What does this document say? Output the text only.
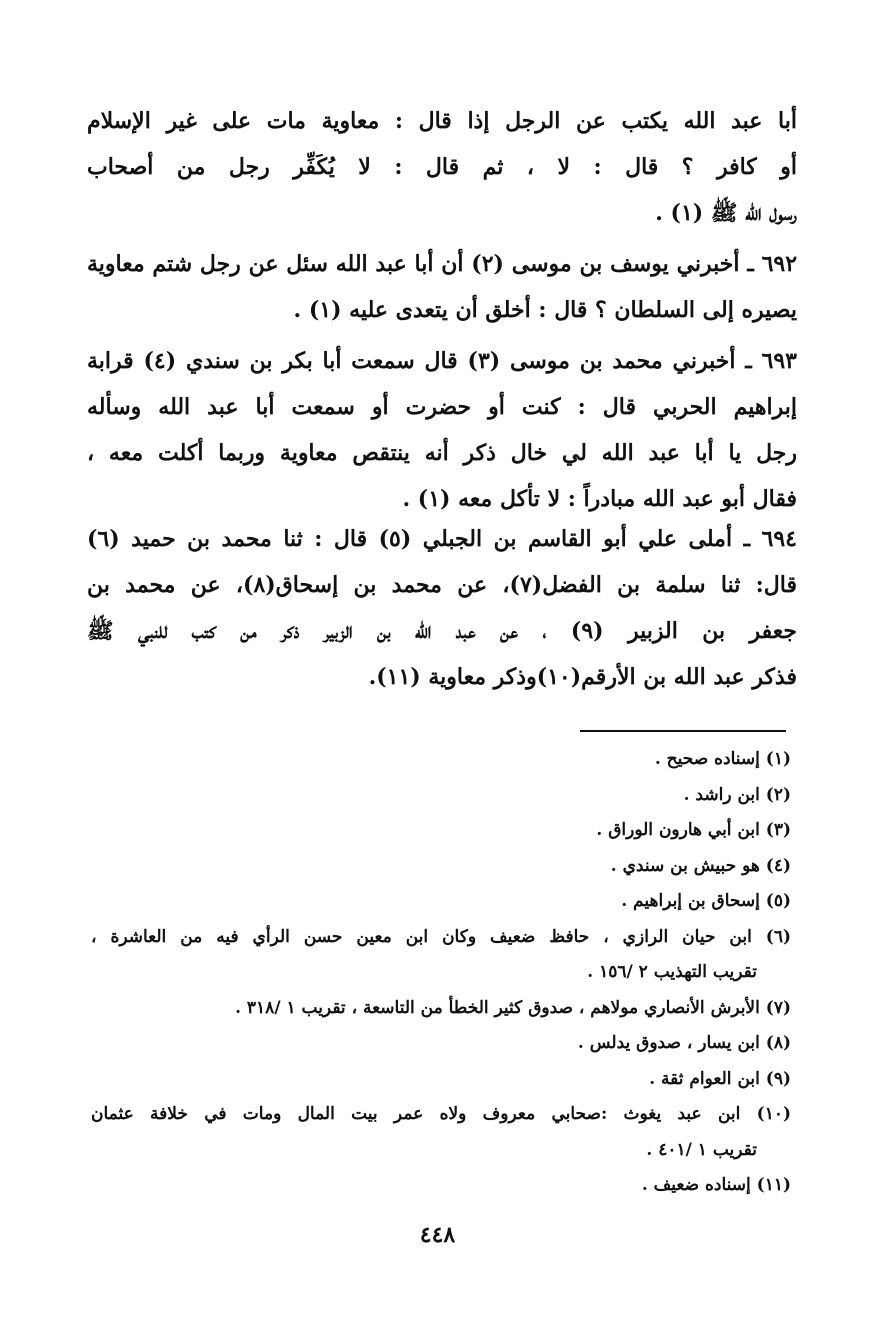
أبا عبد الله يكتب عن الرجل إذا قال : معاوية مات على غير الإسلام
أو كافر ؟ قال : لا ، ثم قال : لا يُكَفِّر رجل من أصحاب
رسول الله ﷺ (١) .
٦٩٢ ـ أخبرني يوسف بن موسى (٢) أن أبا عبد الله سئل عن رجل شتم معاوية
يصيره إلى السلطان ؟ قال : أخلق أن يتعدى عليه (١) .
٦٩٣ ـ أخبرني محمد بن موسى (٣) قال سمعت أبا بكر بن سندي (٤) قرابة
إبراهيم الحربي قال : كنت أو حضرت أو سمعت أبا عبد الله وسأله
رجل يا أبا عبد الله لي خال ذكر أنه ينتقص معاوية وربما أكلت معه ،
فقال أبو عبد الله مبادراً : لا تأكل معه (١) .
٦٩٤ ـ أملى علي أبو القاسم بن الجبلي (٥) قال : ثنا محمد بن حميد (٦)
قال: ثنا سلمة بن الفضل(٧)، عن محمد بن إسحاق(٨)، عن محمد بن
جعفر بن الزبير (٩) ، عن عبد الله بن الزبير ذكر من كتب للنبي ﷺ
فذكر عبد الله بن الأرقم(١٠)وذكر معاوية (١١).
(١) إسناده صحيح .
(٢) ابن راشد .
(٣) ابن أبي هارون الوراق .
(٤) هو حبيش بن سندي .
(٥) إسحاق بن إبراهيم .
(٦) ابن حيان الرازي ، حافظ ضعيف وكان ابن معين حسن الرأي فيه من العاشرة ،
تقريب التهذيب ٢ /١٥٦ .
(٧) الأبرش الأنصاري مولاهم ، صدوق كثير الخطأ من التاسعة ، تقريب ١ /٣١٨ .
(٨) ابن يسار ، صدوق يدلس .
(٩) ابن العوام ثقة .
(١٠) ابن عبد يغوث :صحابي معروف ولاه عمر بيت المال ومات في خلافة عثمان
تقريب ١ /٤٠١ .
(١١) إسناده ضعيف .
٤٤٨
